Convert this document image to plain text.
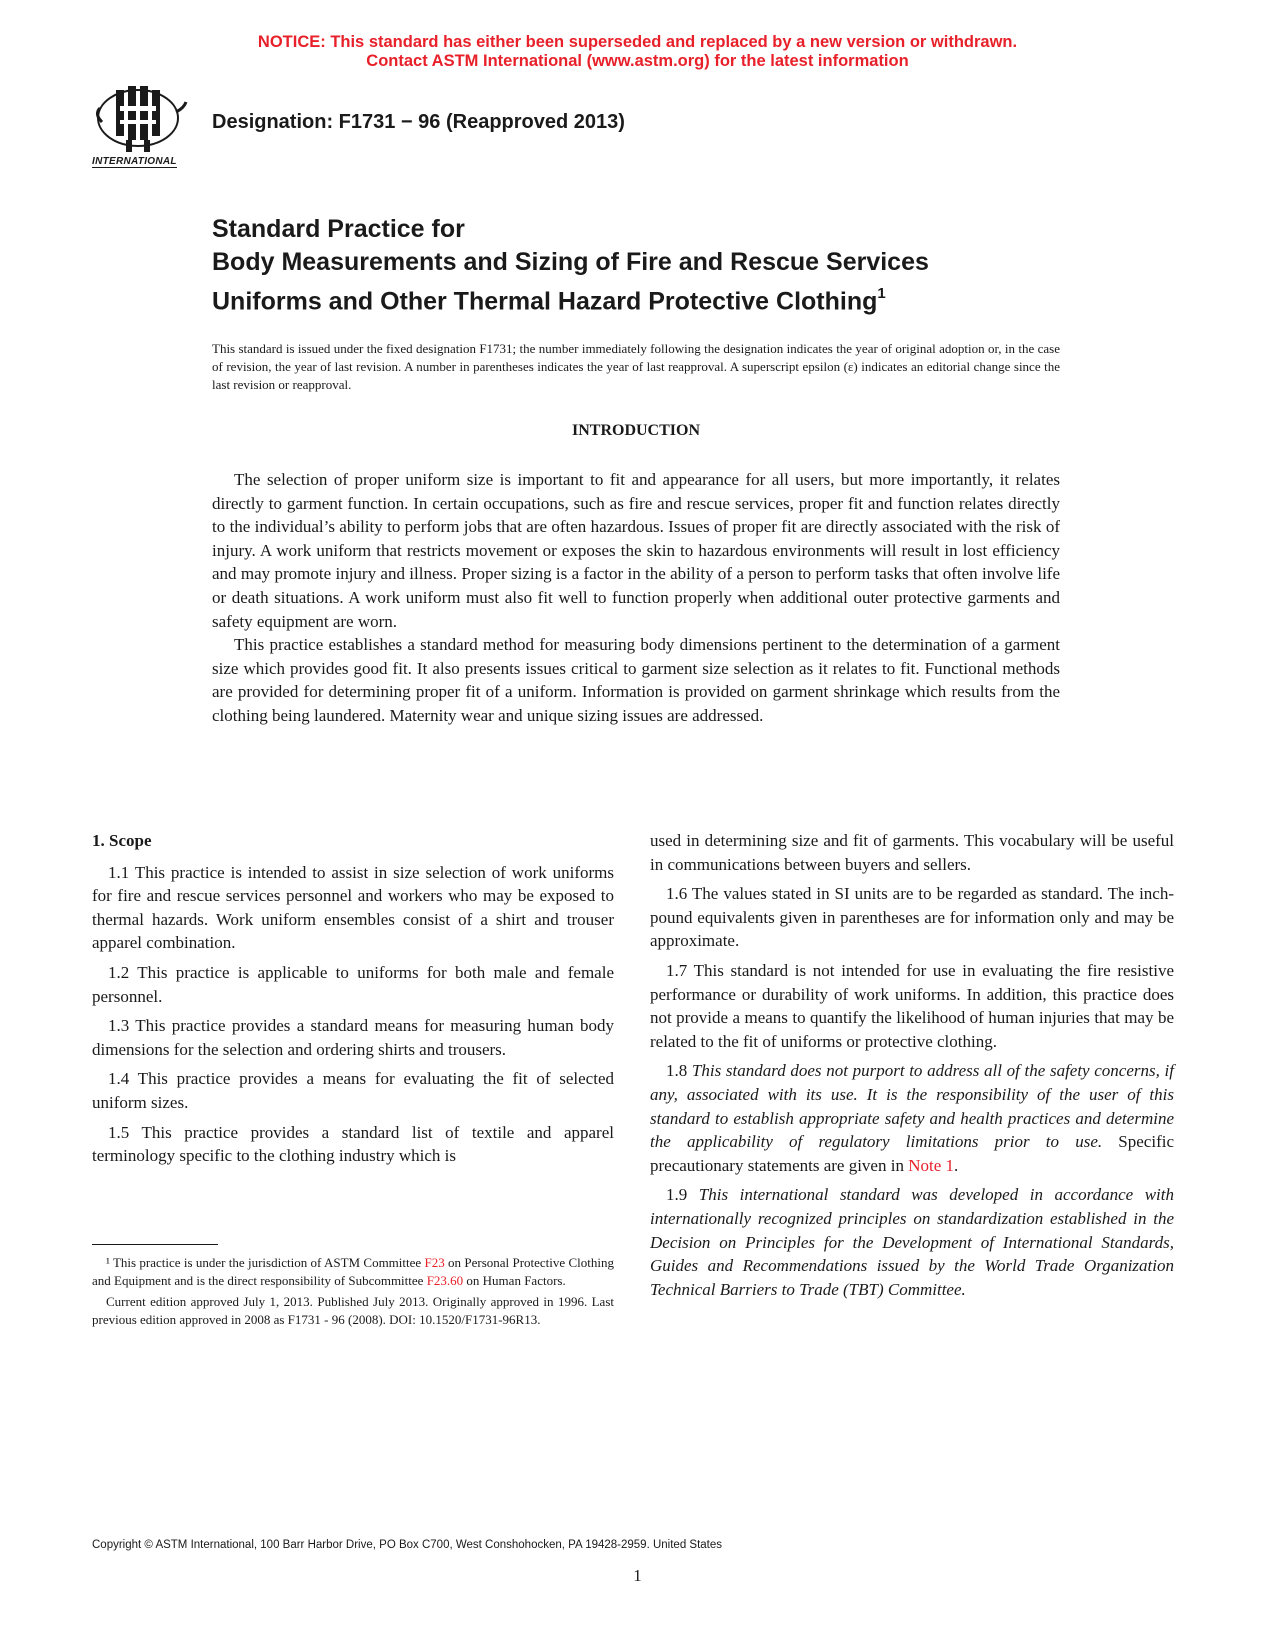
NOTICE: This standard has either been superseded and replaced by a new version or withdrawn.
Contact ASTM International (www.astm.org) for the latest information
INTERNATIONAL
Designation: F1731 − 96 (Reapproved 2013)
Standard Practice for
Body Measurements and Sizing of Fire and Rescue Services
Uniforms and Other Thermal Hazard Protective Clothing$^1$
This standard is issued under the fixed designation F1731; the number immediately following the designation indicates the year of original adoption or, in the case of revision, the year of last revision. A number in parentheses indicates the year of last reapproval. A superscript epsilon (ε) indicates an editorial change since the last revision or reapproval.
INTRODUCTION

The selection of proper uniform size is important to fit and appearance for all users, but more importantly, it relates directly to garment function. In certain occupations, such as fire and rescue services, proper fit and function relates directly to the individual’s ability to perform jobs that are often hazardous. Issues of proper fit are directly associated with the risk of injury. A work uniform that restricts movement or exposes the skin to hazardous environments will result in lost efficiency and may promote injury and illness. Proper sizing is a factor in the ability of a person to perform tasks that often involve life or death situations. A work uniform must also fit well to function properly when additional outer protective garments and safety equipment are worn.

This practice establishes a standard method for measuring body dimensions pertinent to the determination of a garment size which provides good fit. It also presents issues critical to garment size selection as it relates to fit. Functional methods are provided for determining proper fit of a uniform. Information is provided on garment shrinkage which results from the clothing being laundered. Maternity wear and unique sizing issues are addressed.

1. Scope

1.1 This practice is intended to assist in size selection of work uniforms for fire and rescue services personnel and workers who may be exposed to thermal hazards. Work uniform ensembles consist of a shirt and trouser apparel combination.

1.2 This practice is applicable to uniforms for both male and female personnel.

1.3 This practice provides a standard means for measuring human body dimensions for the selection and ordering shirts and trousers.

1.4 This practice provides a means for evaluating the fit of selected uniform sizes.

1.5 This practice provides a standard list of textile and apparel terminology specific to the clothing industry which is

used in determining size and fit of garments. This vocabulary will be useful in communications between buyers and sellers.

1.6 The values stated in SI units are to be regarded as standard. The inch-pound equivalents given in parentheses are for information only and may be approximate.

1.7 This standard is not intended for use in evaluating the fire resistive performance or durability of work uniforms. In addition, this practice does not provide a means to quantify the likelihood of human injuries that may be related to the fit of uniforms or protective clothing.

1.8 This standard does not purport to address all of the safety concerns, if any, associated with its use. It is the responsibility of the user of this standard to establish appropriate safety and health practices and determine the applicability of regulatory limitations prior to use. Specific precautionary statements are given in Note 1.

1.9 This international standard was developed in accordance with internationally recognized principles on standardization established in the Decision on Principles for the Development of International Standards, Guides and Recommendations issued by the World Trade Organization Technical Barriers to Trade (TBT) Committee.

¹ This practice is under the jurisdiction of ASTM Committee F23 on Personal Protective Clothing and Equipment and is the direct responsibility of Subcommittee F23.60 on Human Factors.

Current edition approved July 1, 2013. Published July 2013. Originally approved in 1996. Last previous edition approved in 2008 as F1731 - 96 (2008). DOI: 10.1520/F1731-96R13.

Copyright © ASTM International, 100 Barr Harbor Drive, PO Box C700, West Conshohocken, PA 19428-2959. United States
1
